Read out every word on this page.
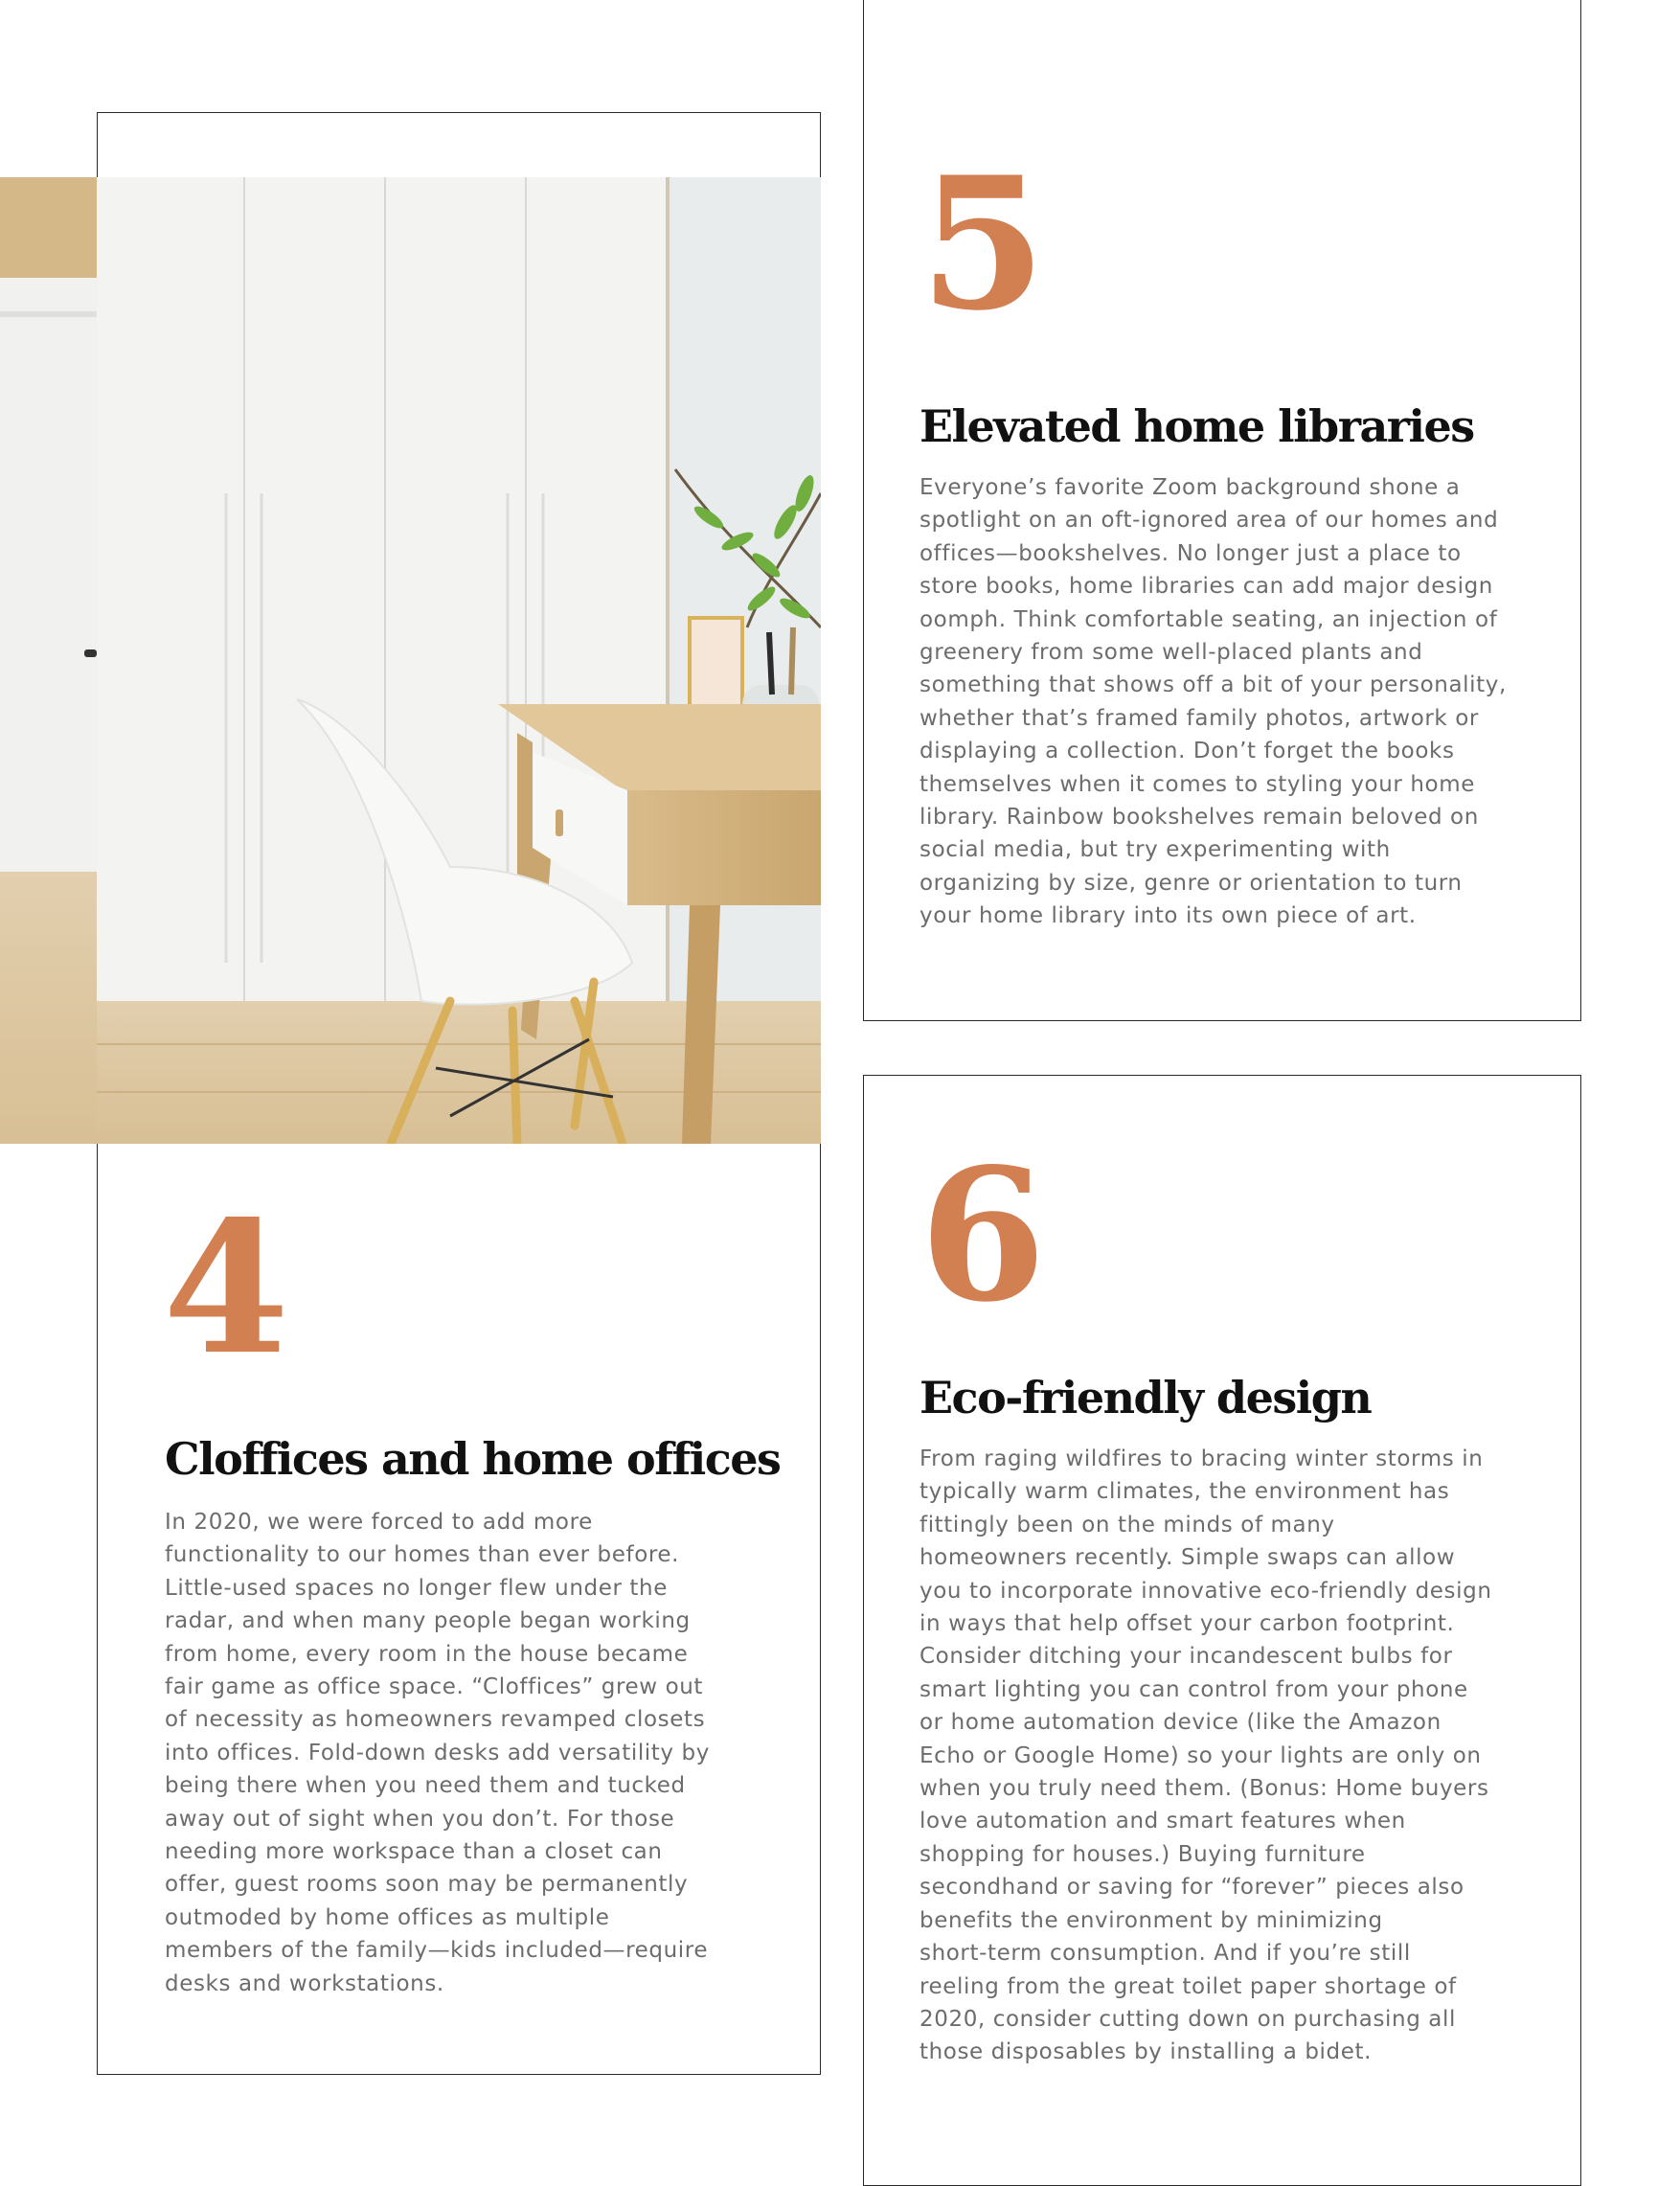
5
Elevated home libraries

Everyone’s favorite Zoom background shone a
spotlight on an oft-ignored area of our homes and
offices—bookshelves. No longer just a place to
store books, home libraries can add major design
oomph. Think comfortable seating, an injection of
greenery from some well-placed plants and
something that shows off a bit of your personality,
whether that’s framed family photos, artwork or
displaying a collection. Don’t forget the books
themselves when it comes to styling your home
library. Rainbow bookshelves remain beloved on
social media, but try experimenting with
organizing by size, genre or orientation to turn
your home library into its own piece of art.

4
Cloffices and home offices

In 2020, we were forced to add more
functionality to our homes than ever before.
Little-used spaces no longer flew under the
radar, and when many people began working
from home, every room in the house became
fair game as office space. “Cloffices” grew out
of necessity as homeowners revamped closets
into offices. Fold-down desks add versatility by
being there when you need them and tucked
away out of sight when you don’t. For those
needing more workspace than a closet can
offer, guest rooms soon may be permanently
outmoded by home offices as multiple
members of the family—kids included—require
desks and workstations.

6
Eco-friendly design

From raging wildfires to bracing winter storms in
typically warm climates, the environment has
fittingly been on the minds of many
homeowners recently. Simple swaps can allow
you to incorporate innovative eco-friendly design
in ways that help offset your carbon footprint.
Consider ditching your incandescent bulbs for
smart lighting you can control from your phone
or home automation device (like the Amazon
Echo or Google Home) so your lights are only on
when you truly need them. (Bonus: Home buyers
love automation and smart features when
shopping for houses.) Buying furniture
secondhand or saving for “forever” pieces also
benefits the environment by minimizing
short-term consumption. And if you’re still
reeling from the great toilet paper shortage of
2020, consider cutting down on purchasing all
those disposables by installing a bidet.
